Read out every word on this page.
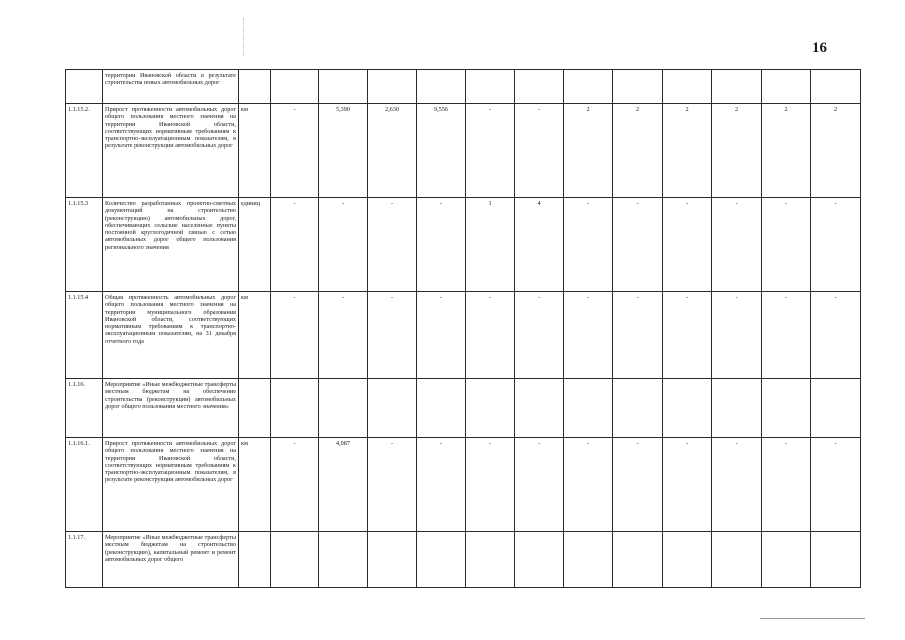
16
	территории Ивановской области в результате строительства новых автомобильных дорог													
1.1.15.2.	Прирост протяженности автомобильных дорог общего пользования местного значения на территории Ивановской области, соответствующих нормативным требованиям к транспортно-эксплуатационным показателям, в результате реконструкции автомобильных дорог	км	-	5,390	2,630	9,556	-	-	2	2	2	2	2	2
1.1.15.3	Количество разработанных проектно-сметных документаций на строительство (реконструкцию) автомобильных дорог, обеспечивающих сельские населенные пункты постоянной круглогодичной связью с сетью автомобильных дорог общего пользования регионального значения	единиц	-	-	-	-	1	4	-	-	-	-	-	-
1.1.15.4	Общая протяженность автомобильных дорог общего пользования местного значения на территории муниципального образования Ивановской области, соответствующих нормативным требованиям к транспортно-эксплуатационным показателям, на 31 декабря отчетного года	км	-	-	-	-	-	-	-	-	-	-	-	-
1.1.16.	Мероприятие «Иные межбюджетные трансферты местным бюджетам на обеспечение строительства (реконструкции) автомобильных дорог общего пользования местного значения»													
1.1.16.1.	Прирост протяженности автомобильных дорог общего пользования местного значения на территории Ивановской области, соответствующих нормативным требованиям к транспортно-эксплуатационным показателям, в результате реконструкции автомобильных дорог	км	-	4,087	-	-	-	-	-	-	-	-	-	-
1.1.17.	Мероприятие «Иные межбюджетные трансферты местным бюджетам на строительство (реконструкцию), капитальный ремонт и ремонт автомобильных дорог общего													
